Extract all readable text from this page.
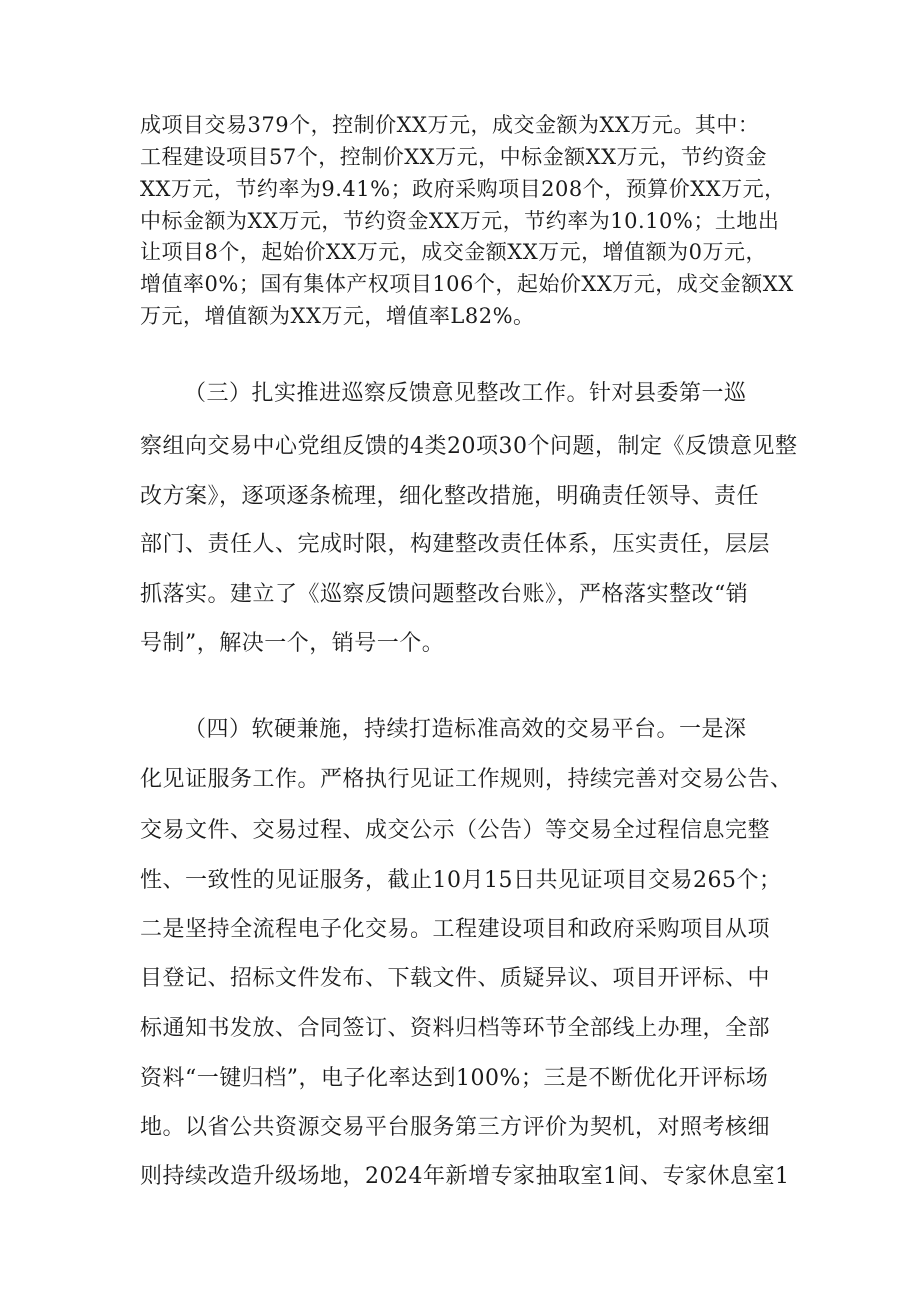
成项目交易379个，控制价XX万元，成交金额为XX万元。其中：
工程建设项目57个，控制价XX万元，中标金额XX万元，节约资金
XX万元，节约率为9.41%；政府采购项目208个，预算价XX万元，
中标金额为XX万元，节约资金XX万元，节约率为10.10%；土地出
让项目8个，起始价XX万元，成交金额XX万元，增值额为0万元，
增值率0%；国有集体产权项目106个，起始价XX万元，成交金额XX
万元，增值额为XX万元，增值率L82%。
（三）扎实推进巡察反馈意见整改工作。针对县委第一巡
察组向交易中心党组反馈的4类20项30个问题，制定《反馈意见整
改方案》，逐项逐条梳理，细化整改措施，明确责任领导、责任
部门、责任人、完成时限，构建整改责任体系，压实责任，层层
抓落实。建立了《巡察反馈问题整改台账》，严格落实整改“销
号制”，解决一个，销号一个。
（四）软硬兼施，持续打造标准高效的交易平台。一是深
化见证服务工作。严格执行见证工作规则，持续完善对交易公告、
交易文件、交易过程、成交公示（公告）等交易全过程信息完整
性、一致性的见证服务，截止10月15日共见证项目交易265个；
二是坚持全流程电子化交易。工程建设项目和政府采购项目从项
目登记、招标文件发布、下载文件、质疑异议、项目开评标、中
标通知书发放、合同签订、资料归档等环节全部线上办理，全部
资料“一键归档”，电子化率达到100%；三是不断优化开评标场
地。以省公共资源交易平台服务第三方评价为契机，对照考核细
则持续改造升级场地，2024年新增专家抽取室1间、专家休息室1
